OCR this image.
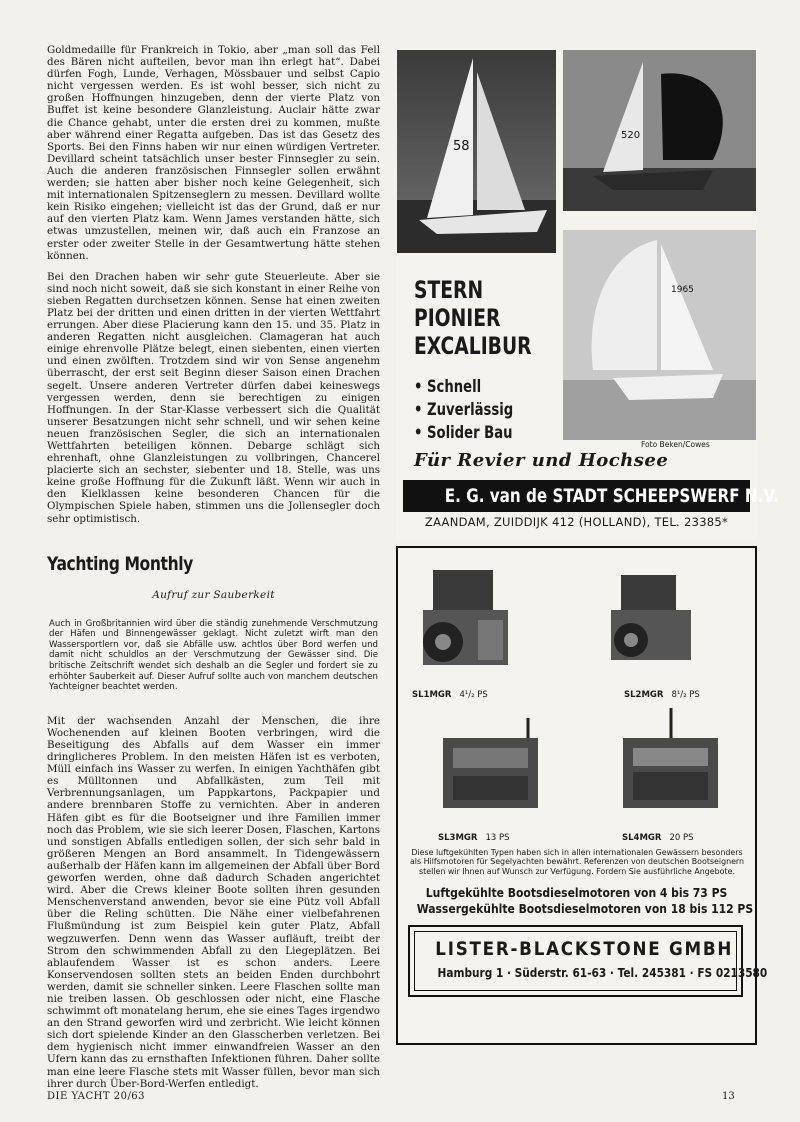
Goldmedaille für Frankreich in Tokio, aber „man soll das Fell des Bären nicht aufteilen, bevor man ihn erlegt hat“. Dabei dürfen Fogh, Lunde, Verhagen, Mössbauer und selbst Capio nicht vergessen werden. Es ist wohl besser, sich nicht zu großen Hoffnungen hinzugeben, denn der vierte Platz von Buffet ist keine besondere Glanzleistung. Auclair hätte zwar die Chance gehabt, unter die ersten drei zu kommen, mußte aber während einer Regatta aufgeben. Das ist das Gesetz des Sports. Bei den Finns haben wir nur einen würdigen Vertreter. Devillard scheint tatsächlich unser bester Finnsegler zu sein. Auch die anderen französischen Finnsegler sollen erwähnt werden; sie hatten aber bisher noch keine Gelegenheit, sich mit internationalen Spitzenseglern zu messen. Devillard wollte kein Risiko eingehen; vielleicht ist das der Grund, daß er nur auf den vierten Platz kam. Wenn James verstanden hätte, sich etwas umzustellen, meinen wir, daß auch ein Franzose an erster oder zweiter Stelle in der Gesamtwertung hätte stehen können.

Bei den Drachen haben wir sehr gute Steuerleute. Aber sie sind noch nicht soweit, daß sie sich konstant in einer Reihe von sieben Regatten durchsetzen können. Sense hat einen zweiten Platz bei der dritten und einen dritten in der vierten Wettfahrt errungen. Aber diese Placierung kann den 15. und 35. Platz in anderen Regatten nicht ausgleichen. Clamageran hat auch einige ehrenvolle Plätze belegt, einen siebenten, einen vierten und einen zwölften. Trotzdem sind wir von Sense angenehm überrascht, der erst seit Beginn dieser Saison einen Drachen segelt. Unsere anderen Vertreter dürfen dabei keineswegs vergessen werden, denn sie berechtigen zu einigen Hoffnungen. In der Star-Klasse verbessert sich die Qualität unserer Besatzungen nicht sehr schnell, und wir sehen keine neuen französischen Segler, die sich an internationalen Wettfahrten beteiligen können. Debarge schlägt sich ehrenhaft, ohne Glanzleistungen zu vollbringen, Chancerel placierte sich an sechster, siebenter und 18. Stelle, was uns keine große Hoffnung für die Zukunft läßt. Wenn wir auch in den Kielklassen keine besonderen Chancen für die Olympischen Spiele haben, stimmen uns die Jollensegler doch sehr optimistisch.

Yachting Monthly
Aufruf zur Sauberkeit

Auch in Großbritannien wird über die ständig zunehmende Verschmutzung der Häfen und Binnengewässer geklagt. Nicht zuletzt wirft man den Wassersportlern vor, daß sie Abfälle usw. achtlos über Bord werfen und damit nicht schuldlos an der Verschmutzung der Gewässer sind. Die britische Zeitschrift wendet sich deshalb an die Segler und fordert sie zu erhöhter Sauberkeit auf. Dieser Aufruf sollte auch von manchem deutschen Yachteigner beachtet werden.

Mit der wachsenden Anzahl der Menschen, die ihre Wochenenden auf kleinen Booten verbringen, wird die Beseitigung des Abfalls auf dem Wasser ein immer dringlicheres Problem. In den meisten Häfen ist es verboten, Müll einfach ins Wasser zu werfen. In einigen Yachthäfen gibt es Mülltonnen und Abfallkästen, zum Teil mit Verbrennungsanlagen, um Pappkartons, Packpapier und andere brennbaren Stoffe zu vernichten. Aber in anderen Häfen gibt es für die Bootseigner und ihre Familien immer noch das Problem, wie sie sich leerer Dosen, Flaschen, Kartons und sonstigen Abfalls entledigen sollen, der sich sehr bald in größeren Mengen an Bord ansammelt. In Tidengewässern außerhalb der Häfen kann im allgemeinen der Abfall über Bord geworfen werden, ohne daß dadurch Schaden angerichtet wird. Aber die Crews kleiner Boote sollten ihren gesunden Menschenverstand anwenden, bevor sie eine Pütz voll Abfall über die Reling schütten. Die Nähe einer vielbefahrenen Flußmündung ist zum Beispiel kein guter Platz, Abfall wegzuwerfen. Denn wenn das Wasser aufläuft, treibt der Strom den schwimmenden Abfall zu den Liegeplätzen. Bei ablaufendem Wasser ist es schon anders. Leere Konservendosen sollten stets an beiden Enden durchbohrt werden, damit sie schneller sinken. Leere Flaschen sollte man nie treiben lassen. Ob geschlossen oder nicht, eine Flasche schwimmt oft monatelang herum, ehe sie eines Tages irgendwo an den Strand geworfen wird und zerbricht. Wie leicht können sich dort spielende Kinder an den Glasscherben verletzen. Bei dem hygienisch nicht immer einwandfreien Wasser an den Ufern kann das zu ernsthaften Infektionen führen. Daher sollte man eine leere Flasche stets mit Wasser füllen, bevor man sich ihrer durch Über-Bord-Werfen entledigt.

58
520
1965
STERN
PIONIER
EXCALIBUR
• Schnell
• Zuverlässig
• Solider Bau
Foto Beken/Cowes
Für Revier und Hochsee
E. G. van de STADT SCHEEPSWERF N.V.
ZAANDAM, ZUIDDIJK 412 (HOLLAND), TEL. 23385*
SL1MGR 4¹/₂ PS	SL2MGR 8¹/₂ PS
SL3MGR 13 PS	SL4MGR 20 PS
Diese luftgekühlten Typen haben sich in allen internationalen Gewässern besonders als Hilfsmotoren für Segelyachten bewährt. Referenzen von deutschen Bootseignern stellen wir Ihnen auf Wunsch zur Verfügung. Fordern Sie ausführliche Angebote.
Luftgekühlte Bootsdieselmotoren von 4 bis 73 PS
Wassergekühlte Bootsdieselmotoren von 18 bis 112 PS
LISTER-BLACKSTONE GMBH
Hamburg 1 · Süderstr. 61-63 · Tel. 245381 · FS 0213580
DIE YACHT 20/63	13
